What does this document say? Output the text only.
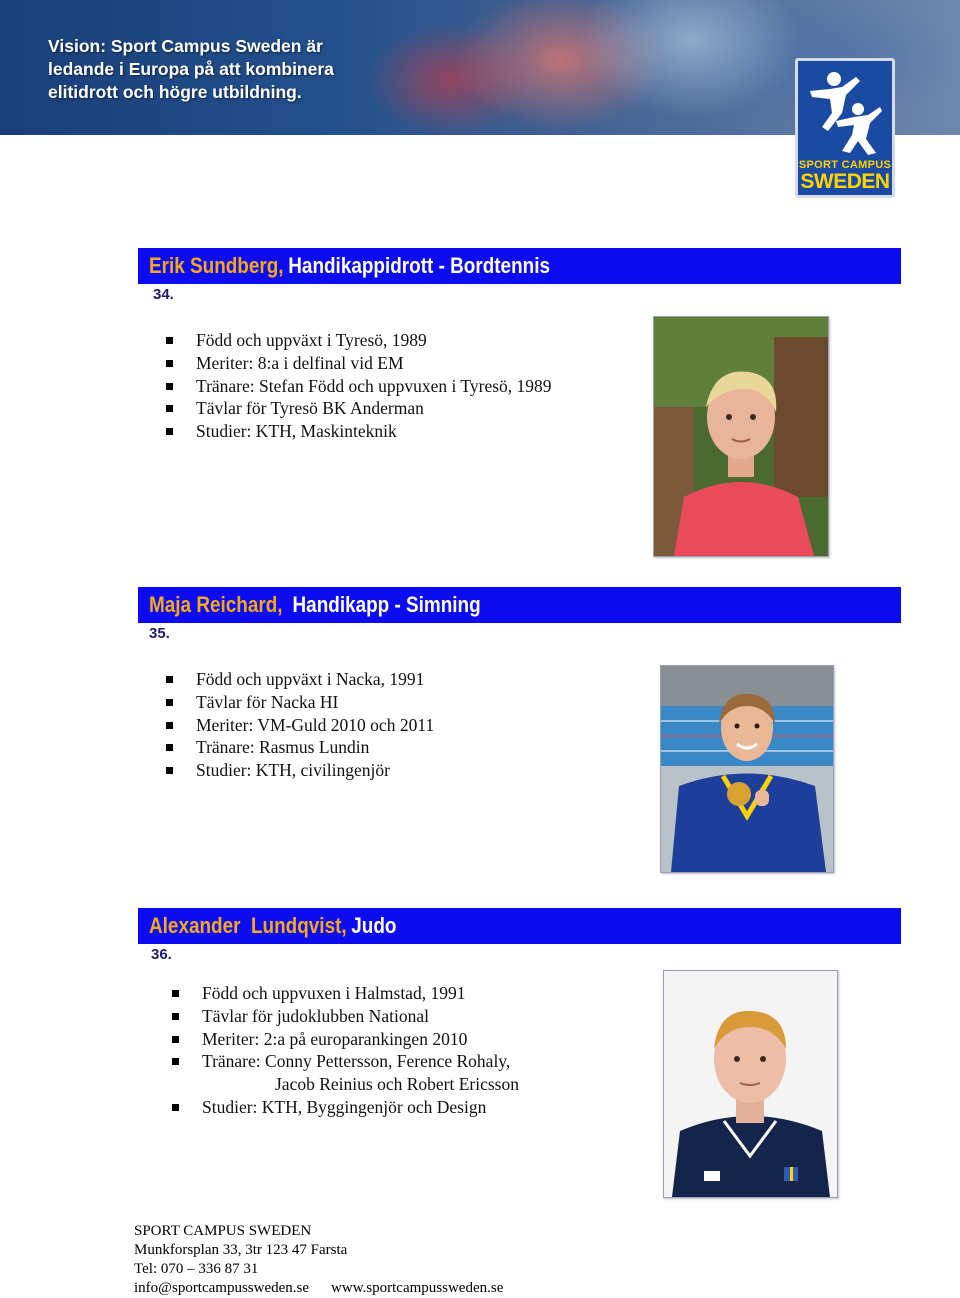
Vision: Sport Campus Sweden är
ledande i Europa på att kombinera
elitidrott och högre utbildning.
SPORT CAMPUS
SWEDEN
Erik Sundberg, Handikappidrott - Bordtennis
34.
Född och uppväxt i Tyresö, 1989
Meriter: 8:a i delfinal vid EM
Tränare: Stefan Född och uppvuxen i Tyresö, 1989
Tävlar för Tyresö BK Anderman
Studier: KTH, Maskinteknik
Maja Reichard,  Handikapp - Simning
35.
Född och uppväxt i Nacka, 1991
Tävlar för Nacka HI
Meriter: VM-Guld 2010 och 2011
Tränare: Rasmus Lundin
Studier: KTH, civilingenjör
Alexander  Lundqvist, Judo
36.
Född och uppvuxen i Halmstad, 1991
Tävlar för judoklubben National
Meriter: 2:a på europarankingen 2010
Tränare: Conny Pettersson, Ference Rohaly,
Jacob Reinius och Robert Ericsson
Studier: KTH, Byggingenjör och Design
SPORT CAMPUS SWEDEN
Munkforsplan 33, 3tr 123 47 Farsta
Tel: 070 – 336 87 31
info@sportcampussweden.se www.sportcampussweden.se
